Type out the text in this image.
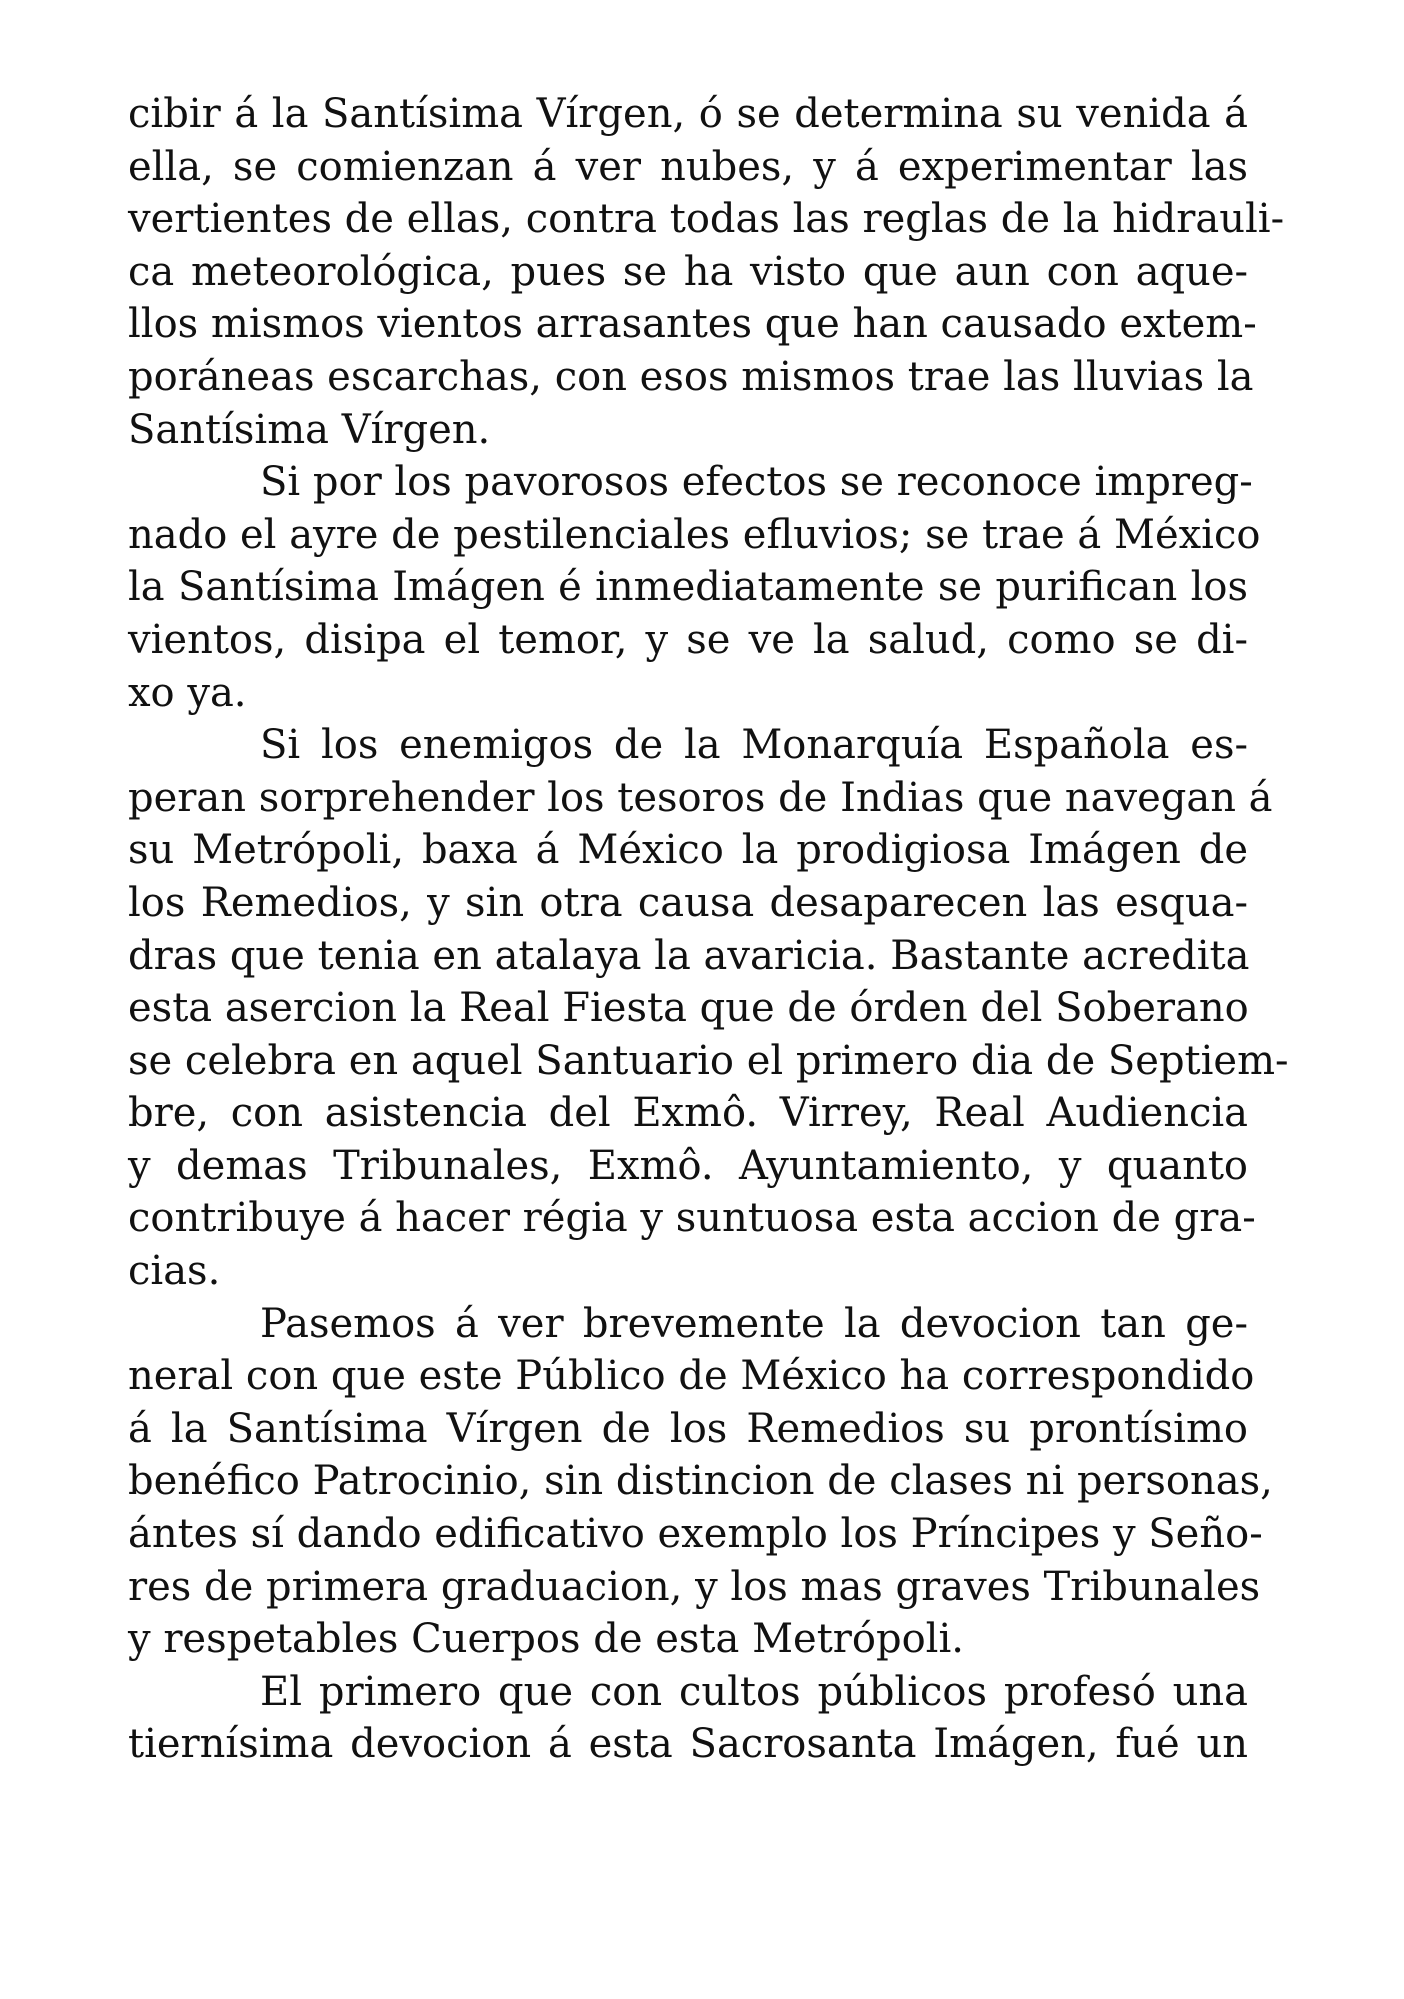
cibir á la Santísima Vírgen, ó se determina su venida á
ella, se comienzan á ver nubes, y á experimentar las
vertientes de ellas, contra todas las reglas de la hidrauli-
ca meteorológica, pues se ha visto que aun con aque-
llos mismos vientos arrasantes que han causado extem-
poráneas escarchas, con esos mismos trae las lluvias la
Santísima Vírgen.
Si por los pavorosos efectos se reconoce impreg-
nado el ayre de pestilenciales efluvios; se trae á México
la Santísima Imágen é inmediatamente se purifican los
vientos, disipa el temor, y se ve la salud, como se di-
xo ya.
Si los enemigos de la Monarquía Española es-
peran sorprehender los tesoros de Indias que navegan á
su Metrópoli, baxa á México la prodigiosa Imágen de
los Remedios, y sin otra causa desaparecen las esqua-
dras que tenia en atalaya la avaricia. Bastante acredita
esta asercion la Real Fiesta que de órden del Soberano
se celebra en aquel Santuario el primero dia de Septiem-
bre, con asistencia del Exmô. Virrey, Real Audiencia
y demas Tribunales, Exmô. Ayuntamiento, y quanto
contribuye á hacer régia y suntuosa esta accion de gra-
cias.
Pasemos á ver brevemente la devocion tan ge-
neral con que este Público de México ha correspondido
á la Santísima Vírgen de los Remedios su prontísimo
benéfico Patrocinio, sin distincion de clases ni personas,
ántes sí dando edificativo exemplo los Príncipes y Seño-
res de primera graduacion, y los mas graves Tribunales
y respetables Cuerpos de esta Metrópoli.
El primero que con cultos públicos profesó una
tiernísima devocion á esta Sacrosanta Imágen, fué un
